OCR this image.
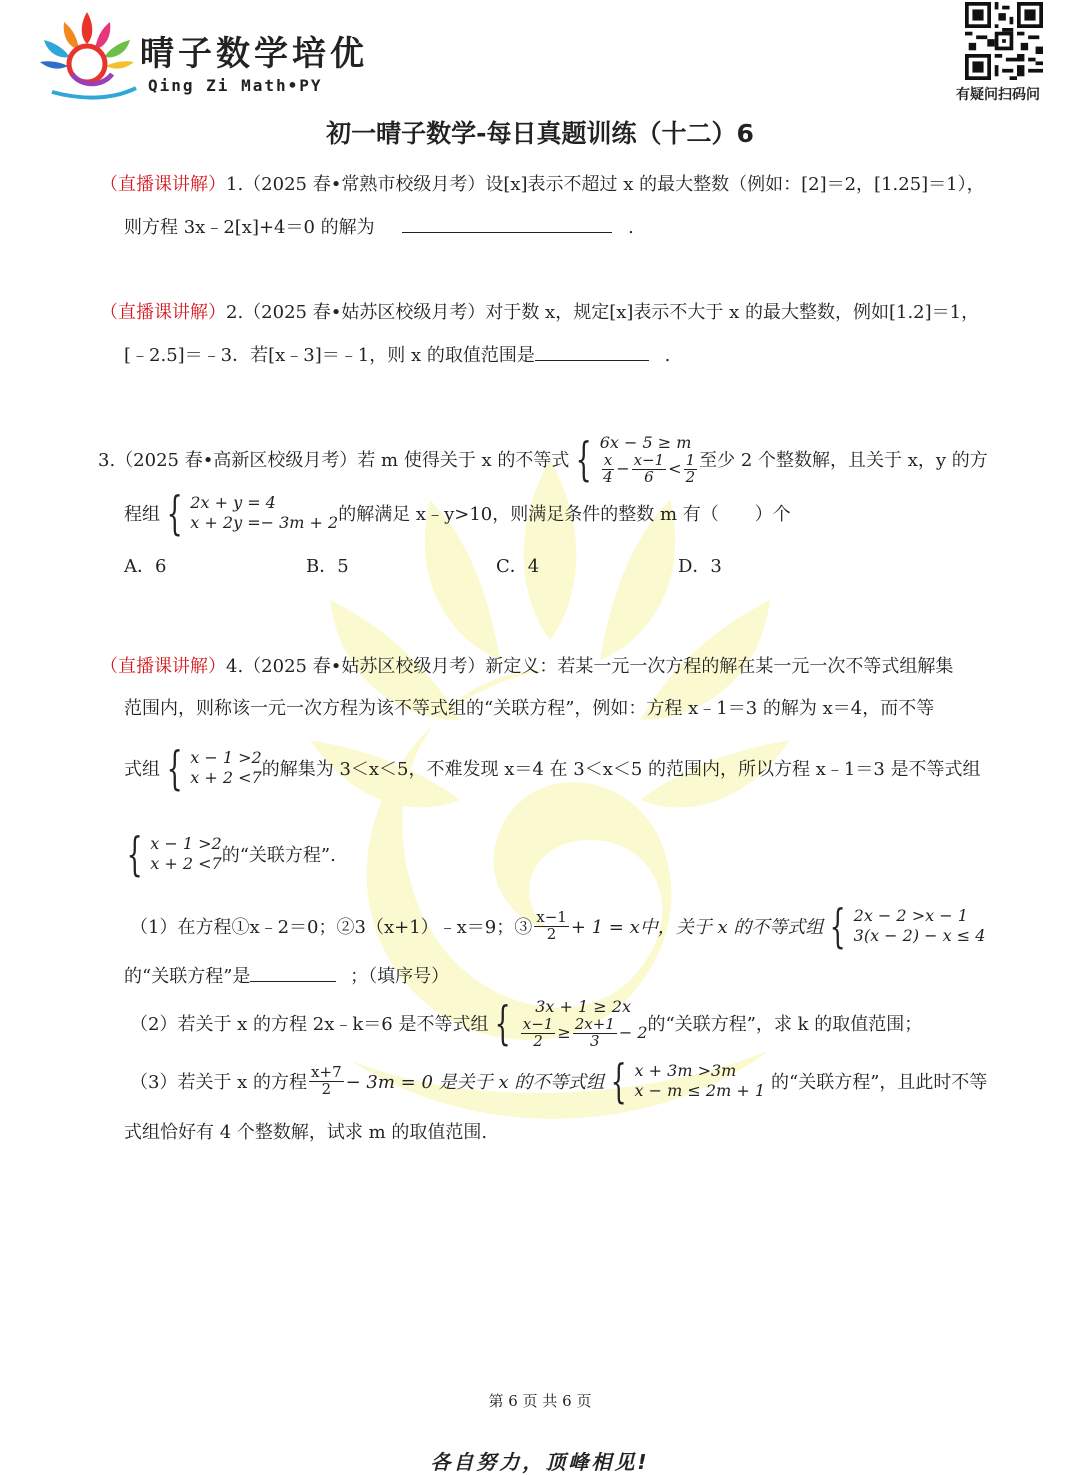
晴子数学培优
Qing Zi Math•PY	有疑问扫码问
初一晴子数学-每日真题训练（十二）6
（直播课讲解）1.（2025 春•常熟市校级月考）设[x]表示不超过 x 的最大整数（例如：[2]＝2，[1.25]＝1），
则方程 3x﹣2[x]+4＝0 的解为	.
（直播课讲解）2.（2025 春•姑苏区校级月考）对于数 x，规定[x]表示不大于 x 的最大整数，例如[1.2]＝1，
[﹣2.5]＝﹣3．若[x﹣3]＝﹣1，则 x 的取值范围是	.
3.（2025 春•高新区校级月考）若 m 使得关于 x 的不等式 { 6x − 5 ≥ m
$\frac{x}{4} - \frac{x-1}{6} < \frac{1}{2}$ 至少 2 个整数解，且关于 x，y 的方
程组 { 2x + y = 4
x + 2y =− 3m + 2 的解满足 x﹣y>10，则满足条件的整数 m 有（　　）个
A．6	B．5	C．4	D．3
（直播课讲解）4.（2025 春•姑苏区校级月考）新定义：若某一元一次方程的解在某一元一次不等式组解集
范围内，则称该一元一次方程为该不等式组的“关联方程”，例如：方程 x﹣1＝3 的解为 x＝4，而不等
式组 { x − 1 >2
x + 2 <7 的解集为 3＜x＜5，不难发现 x＝4 在 3＜x＜5 的范围内，所以方程 x﹣1＝3 是不等式组
{ x − 1 >2
x + 2 <7 的“关联方程”.
（1）在方程①x﹣2＝0；②3（x+1）﹣x＝9；③ $\frac{x-1}{2} + 1 = x$中，关于 x 的不等式组 { 2x − 2 >x − 1
3(x − 2) − x ≤ 4
的“关联方程”是	；（填序号）
（2）若关于 x 的方程 2x﹣k＝6 是不等式组 {	3x + 1 ≥ 2x
$\frac{x-1}{2} \ge \frac{2x+1}{3} - 2$ 的“关联方程”，求 k 的取值范围；
（3）若关于 x 的方程 $\frac{x+7}{2} - 3m = 0$ 是关于 x 的不等式组 { x + 3m >3m
x − m ≤ 2m + 1 的“关联方程”，且此时不等
式组恰好有 4 个整数解，试求 m 的取值范围.
第 6 页 共 6 页
各自努力，顶峰相见!
